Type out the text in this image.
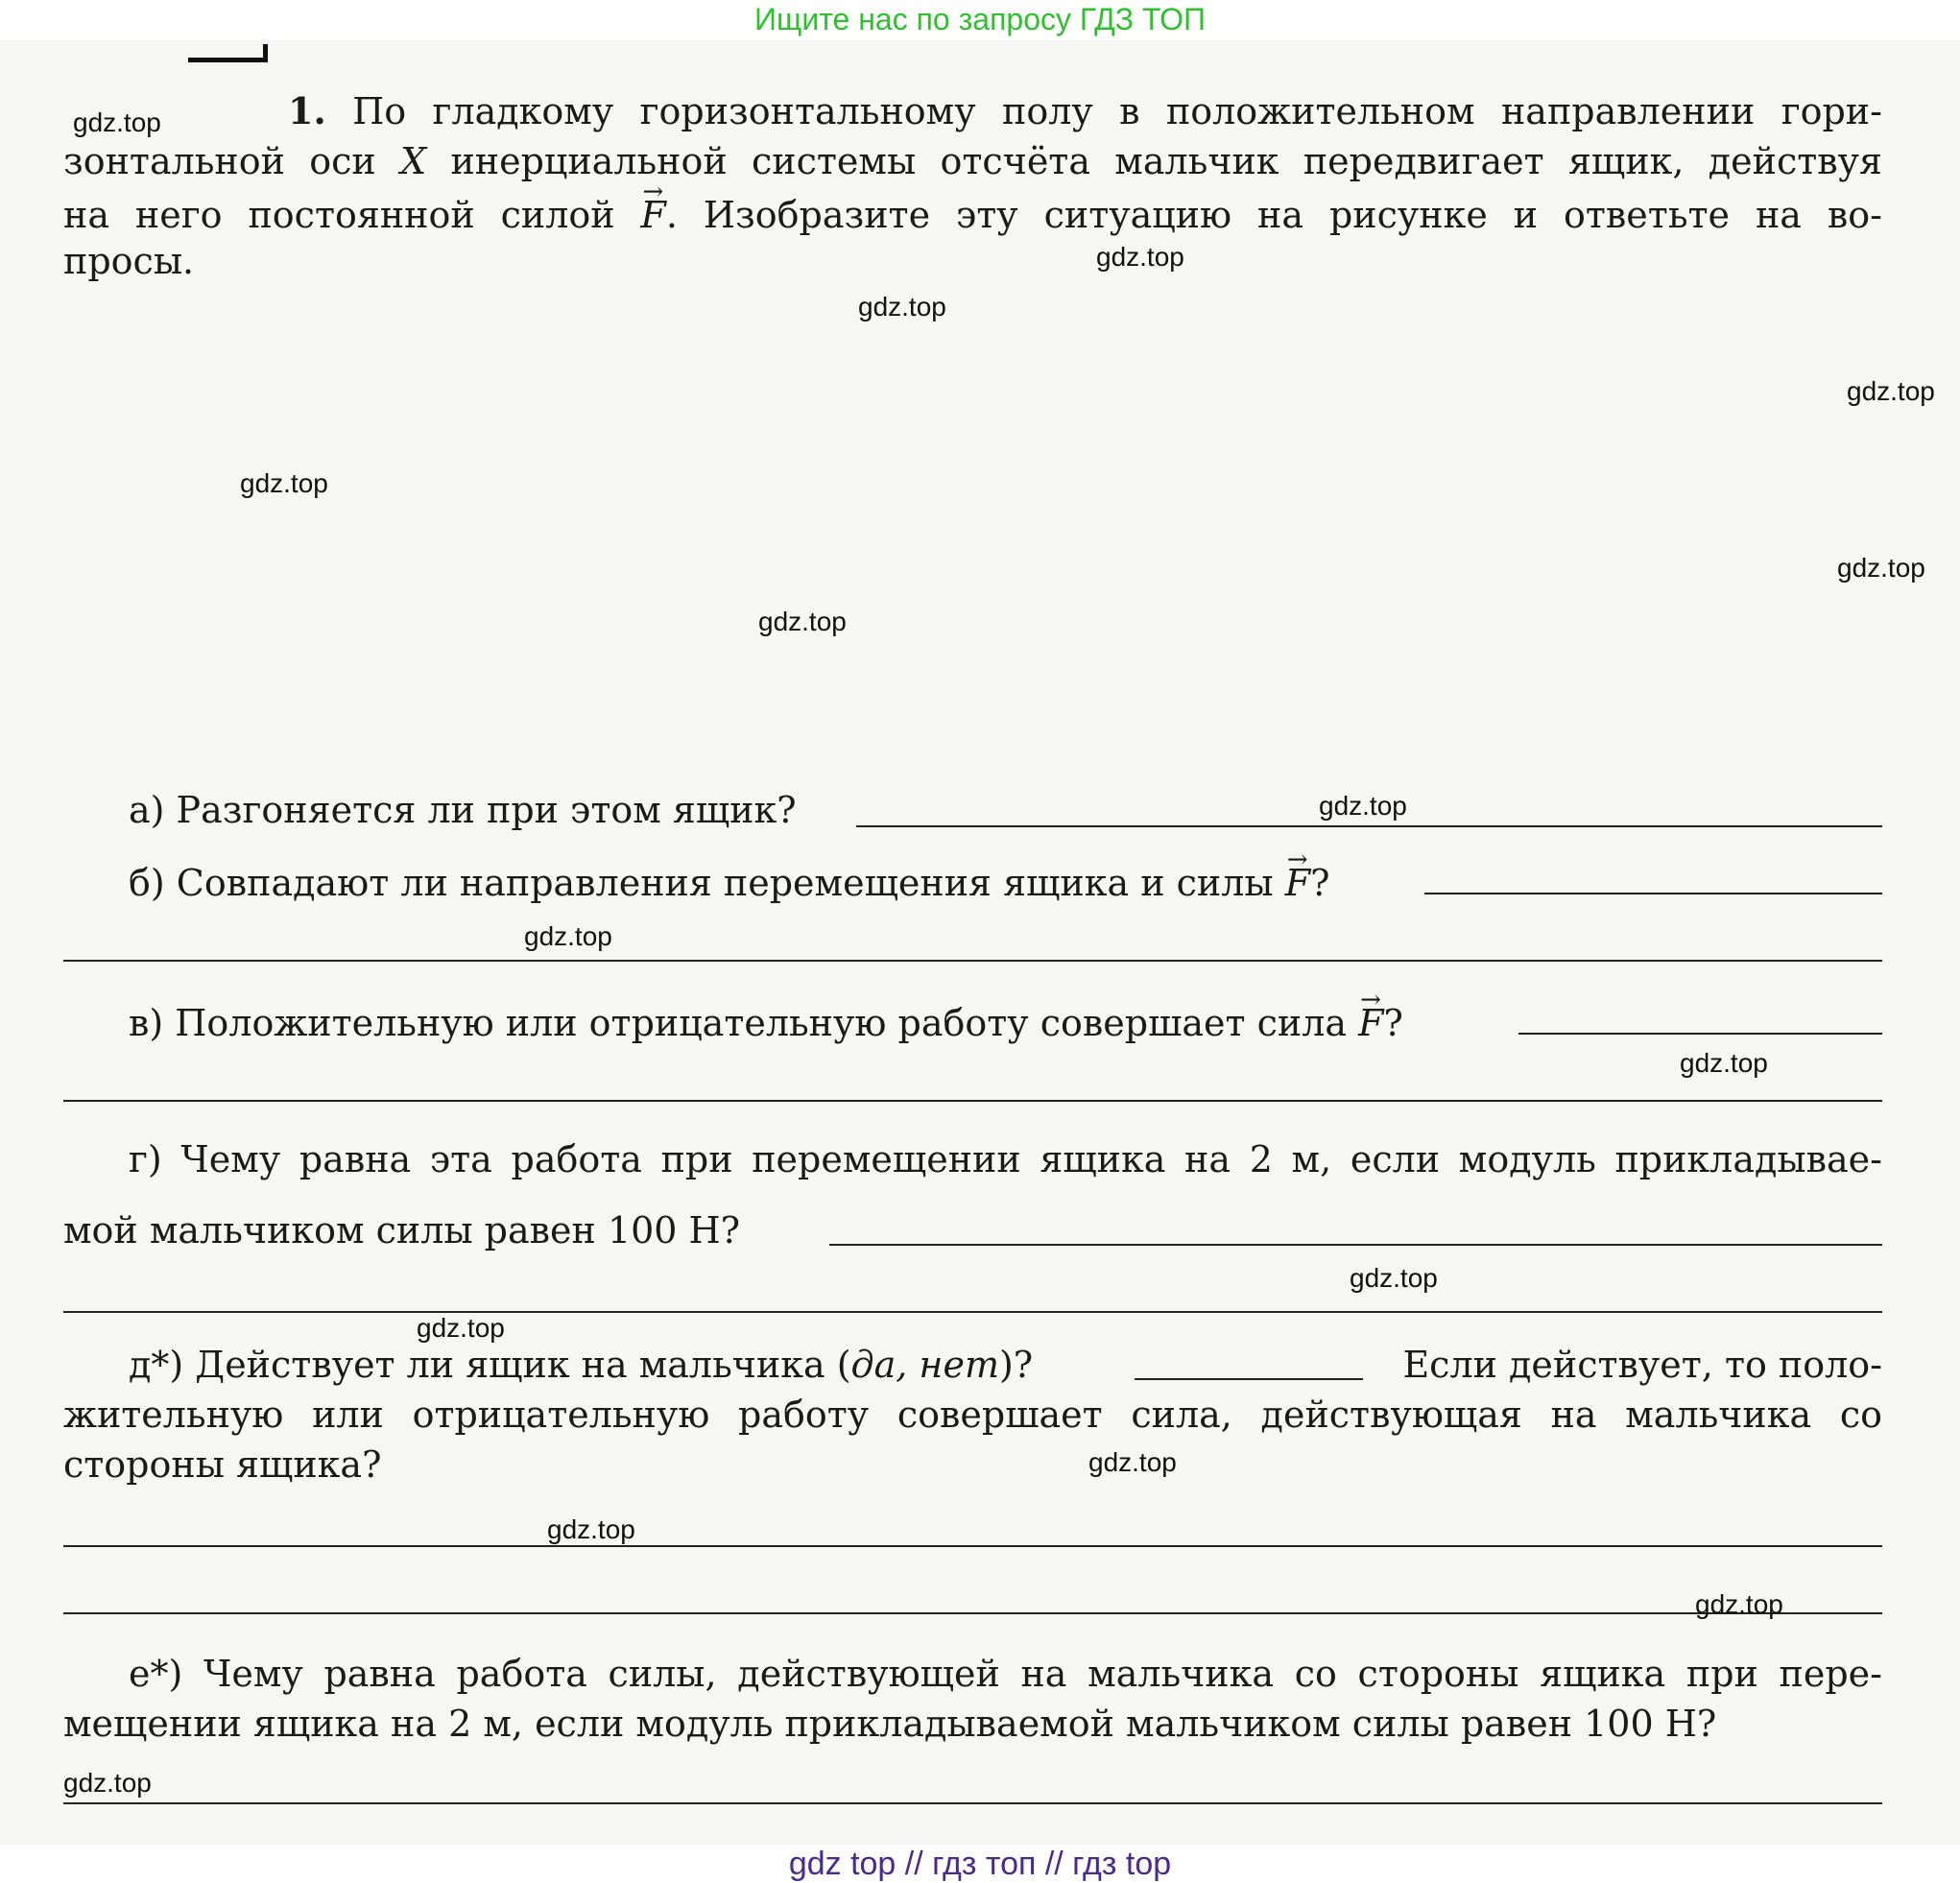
Ищите нас по запросу ГДЗ ТОП
1. По гладкому горизонтальному полу в положительном направлении гори-
зонтальной оси X инерциальной системы отсчёта мальчик передвигает ящик, действуя
на него постоянной силой → F. Изобразите эту ситуацию на рисунке и ответьте на во-
просы.
а) Разгоняется ли при этом ящик?
б) Совпадают ли направления перемещения ящика и силы → F?
в) Положительную или отрицательную работу совершает сила → F?
г) Чему равна эта работа при перемещении ящика на 2 м, если модуль прикладывае-
мой мальчиком силы равен 100 Н?
д*) Действует ли ящик на мальчика (да, нет)?	Если действует, то поло-
жительную или отрицательную работу совершает сила, действующая на мальчика со
стороны ящика?
е*) Чему равна работа силы, действующей на мальчика со стороны ящика при пере-
мещении ящика на 2 м, если модуль прикладываемой мальчиком силы равен 100 Н?
gdz.top
gdz.top
gdz.top
gdz.top
gdz.top
gdz.top
gdz.top
gdz.top
gdz.top
gdz.top
gdz.top
gdz.top
gdz.top
gdz.top
gdz.top
gdz.top
gdz top // гдз топ // гдз top
